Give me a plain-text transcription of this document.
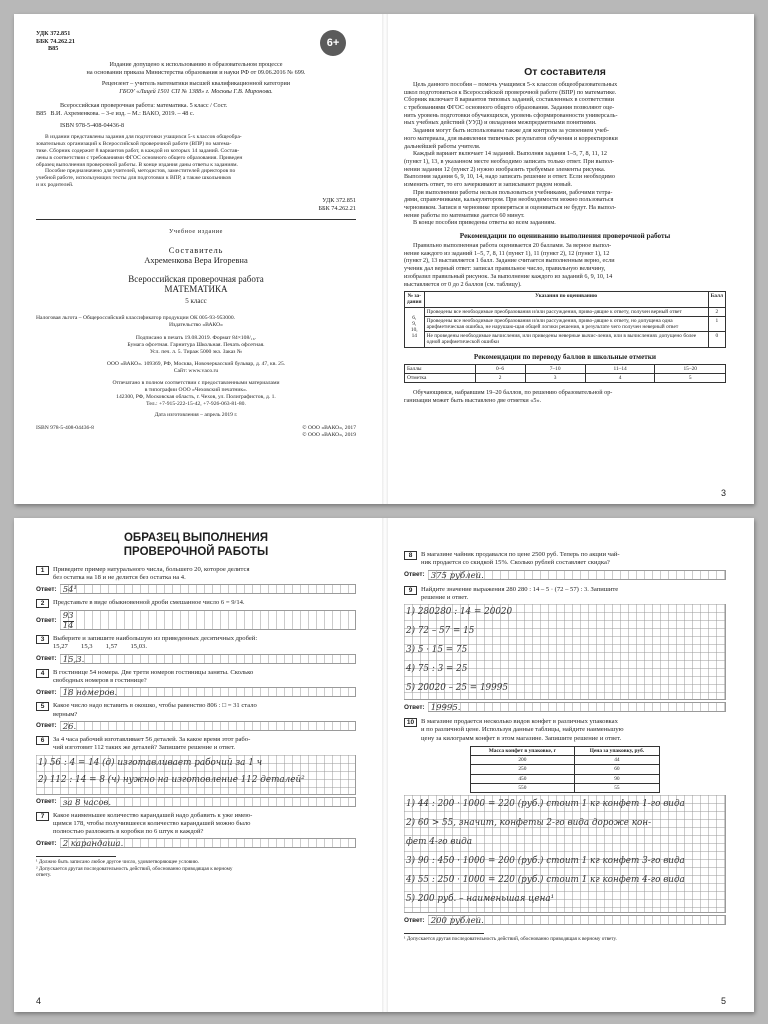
6+
УДК 372.851
ББК 74.262.21
В85
Издание допущено к использованию в образовательном процессе
на основании приказа Министерства образования и науки РФ от 09.06.2016 № 699.
Рецензент – учитель математики высшей квалификационной категории
ГБОУ «Лицей 1501 СП № 1388» г. Москвы Г.В. Миронова.
Всероссийская проверочная работа: математика. 5 класс / Сост.
В85 В.И. Ахременкова. – 3-е изд. – М.: ВАКО, 2019. – 48 с.
ISBN 978-5-408-04436-8
В издании представлены задания для подготовки учащихся 5-х классов общеобра-
зовательных организаций к Всероссийской проверочной работе (ВПР) по матема-
тике. Сборник содержит 8 вариантов работ, в каждой из которых 14 заданий. Состав-
лены в соответствии с требованиями ФГОС основного общего образования. Приведен
образец выполнения проверочной работы. В конце издания даны ответы к заданиям.
Пособие предназначено для учителей, методистов, заместителей директоров по
учебной работе, использующих тесты для подготовки к ВПР, а также школьников
и их родителей.
УДК 372.851
ББК 74.262.21
Учебное издание
Составитель
Ахременкова Вера Игоревна
Всероссийская проверочная работа
МАТЕМАТИКА
5 класс
Налоговая льгота – Общероссийский классификатор продукции ОК 005-93-953000.
Издательство «ВАКО»
Подписано в печать 19.08.2019. Формат 84×108/₁₆.
Бумага офсетная. Гарнитура Школьная. Печать офсетная.
Усл. печ. л. 5. Тираж 5000 экз. Заказ №
ООО «ВАКО». 109369, РФ, Москва, Новочеркасский бульвар, д. 47, кв. 25.
Сайт: www.vaco.ru
Отпечатано в полном соответствии с предоставленными материалами
в типографии ООО «Чеховский печатник».
142300, РФ, Московская область, г. Чехов, ул. Полиграфистов, д. 1.
Тел.: +7-915-222-15-42, +7-926-063-81-80.
Дата изготовления – апрель 2019 г.
ISBN 978-5-408-04436-8	© ООО «ВАКО», 2017
© ООО «ВАКО», 2019
От составителя
Цель данного пособия – помочь учащимся 5-х классов общеобразовательных
школ подготовиться к Всероссийской проверочной работе (ВПР) по математике.
Сборник включает 8 вариантов типовых заданий, составленных в соответствии
с требованиями ФГОС основного общего образования. Задания позволяют оце-
нить уровень подготовки обучающихся, уровень сформированности универсаль-
ных учебных действий (УУД) и овладения межпредметными понятиями.
Задания могут быть использованы также для контроля за усвоением учеб-
ного материала, для выявления типичных результатов обучения и корректировки
дальнейшей работы учителя.
Каждый вариант включает 14 заданий. Выполняя задания 1–5, 7, 8, 11, 12
(пункт 1), 13, в указанном месте необходимо записать только ответ. При выпол-
нении задания 12 (пункт 2) нужно изобразить требуемые элементы рисунка.
Выполняя задания 6, 9, 10, 14, надо записать решение и ответ. Если необходимо
изменить ответ, то его зачеркивают и записывают рядом новый.
При выполнении работы нельзя пользоваться учебниками, рабочими тетра-
дями, справочниками, калькулятором. При необходимости можно пользоваться
черновиком. Записи в черновике проверяться и оцениваться не будут. На выпол-
нение работы по математике дается 60 минут.
В конце пособия приведены ответы ко всем заданиям.
Рекомендации по оцениванию выполнения проверочной работы
Правильно выполненная работа оценивается 20 баллами. За верное выпол-
нение каждого из заданий 1–5, 7, 8, 11 (пункт 1), 11 (пункт 2), 12 (пункт 1), 12
(пункт 2), 13 выставляется 1 балл. Задание считается выполненным верно, если
ученик дал верный ответ: записал правильное число, правильную величину,
изобразил правильный рисунок. За выполнение каждого из заданий 6, 9, 10, 14
выставляется от 0 до 2 баллов (см. таблицу).
№ за-дания	Указания по оцениванию	Балл

6,
9,
10,
14	Проведены все необходимые преобразования и/или рассуждения, приво-дящие к ответу, получен верный ответ	2
	Проведены все необходимые преобразования и/или рассуждения, приво-дящие к ответу, но допущена одна арифметическая ошибка, не нарушаю-щая общей логики решения, в результате чего получен неверный ответ	1
	Не проведены необходимые вычисления, или приведены неверные вычис-ления, или в вычислениях допущено более одной арифметической ошибки	0
Рекомендации по переводу баллов в школьные отметки
Баллы	0–6	7–10	11–14	15–20
Отметка	2	3	4	5
Обучающимся, набравшим 19–20 баллов, по решению образовательной ор-
ганизации может быть выставлено две отметки «5».
3
ОБРАЗЕЦ ВЫПОЛНЕНИЯ
ПРОВЕРОЧНОЙ РАБОТЫ
1	Приведите пример натурального числа, большего 20, которое делится
без остатка на 18 и не делится без остатка на 4.
Ответ: 54¹
2	Представьте в виде обыкновенной дроби смешанное число 6 = 9/14.
Ответ: $\frac{93}{14}$
3	Выберите и запишите наибольшую из приведенных десятичных дробей:
15,27        15,3        1,57        15,03.
Ответ: 15,3.
4	В гостинице 54 номера. Две трети номеров гостиницы заняты. Сколько
свободных номеров в гостинице?
Ответ: 18 номеров.
5	Какое число надо вставить в окошко, чтобы равенство 806 : □ = 31 стало
верным?
Ответ: 26.
6	За 4 часа рабочий изготавливает 56 деталей. За какое время этот рабо-
чий изготовит 112 таких же деталей? Запишите решение и ответ.
1) 56 : 4 = 14 (д) изготавливает рабочий за 1 ч
2) 112 : 14 = 8 (ч) нужно на изготовление 112 деталей²
Ответ: за 8 часов.
7	Какое наименьшее количество карандашей надо добавить к уже имею-
щимся 178, чтобы получившееся количество карандашей можно было
полностью разложить в коробки по 6 штук в каждой?
Ответ: 2 карандаша.
¹ Должно быть записано любое другое число, удовлетворяющее условию.
² Допускается другая последовательность действий, обоснованно приводящая к верному
ответу.
4
8	В магазине чайник продавался по цене 2500 руб. Теперь по акции чай-
ник продается со скидкой 15%. Сколько рублей составляет скидка?
Ответ: 375 рублей.
9	Найдите значение выражения 280 280 : 14 – 5 · (72 – 57) : 3. Запишите
решение и ответ.
1) 280280 : 14 = 20020
2) 72 – 57 = 15
3) 5 · 15 = 75
4) 75 : 3 = 25
5) 20020 – 25 = 19995
Ответ: 19995.
10	В магазине продается несколько видов конфет в различных упаковках
и по различной цене. Используя данные таблицы, найдите наименьшую
цену за килограмм конфет в этом магазине. Запишите решение и ответ.
Масса конфет в упаковке, г	Цена за упаковку, руб.
200	44
250	60
450	90
550	55
1) 44 : 200 · 1000 = 220 (руб.) стоит 1 кг конфет 1-го вида
2) 60 > 55, значит, конфеты 2-го вида дороже кон-
фет 4-го вида
3) 90 : 450 · 1000 = 200 (руб.) стоит 1 кг конфет 3-го вида
4) 55 : 250 · 1000 = 220 (руб.) стоит 1 кг конфет 4-го вида
5) 200 руб. – наименьшая цена¹
Ответ: 200 рублей.
¹ Допускается другая последовательность действий, обоснованно приводящая к верному ответу.
5
